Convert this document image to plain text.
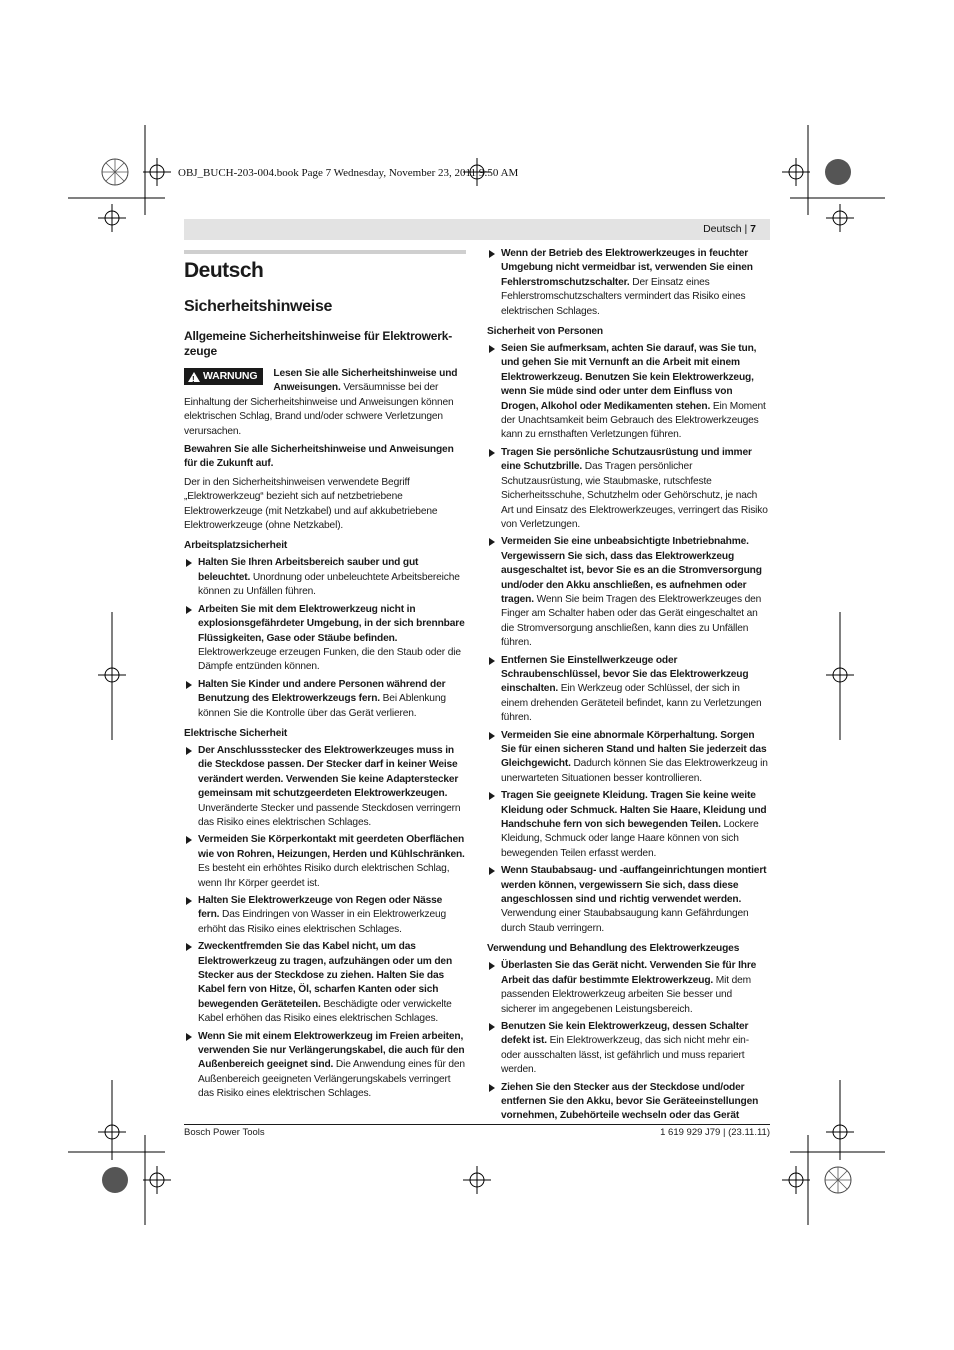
OBJ_BUCH-203-004.book Page 7 Wednesday, November 23, 2011 9:50 AM
Deutsch | 7
Deutsch
Sicherheitshinweise
Allgemeine Sicherheitshinweise für Elektrowerk-zeuge
! WARNUNG Lesen Sie alle Sicherheitshinweise und Anweisungen. Versäumnisse bei der Einhaltung der Sicherheitshinweise und Anweisungen können elektrischen Schlag, Brand und/oder schwere Verletzungen verursachen.

Bewahren Sie alle Sicherheitshinweise und Anweisungen für die Zukunft auf.

Der in den Sicherheitshinweisen verwendete Begriff „Elektrowerkzeug“ bezieht sich auf netzbetriebene Elektrowerkzeuge (mit Netzkabel) und auf akkubetriebene Elektrowerkzeuge (ohne Netzkabel).

Arbeitsplatzsicherheit
Halten Sie Ihren Arbeitsbereich sauber und gut beleuchtet. Unordnung oder unbeleuchtete Arbeitsbereiche können zu Unfällen führen.
Arbeiten Sie mit dem Elektrowerkzeug nicht in explosionsgefährdeter Umgebung, in der sich brennbare Flüssigkeiten, Gase oder Stäube befinden. Elektrowerkzeuge erzeugen Funken, die den Staub oder die Dämpfe entzünden können.
Halten Sie Kinder und andere Personen während der Benutzung des Elektrowerkzeugs fern. Bei Ablenkung können Sie die Kontrolle über das Gerät verlieren.
Elektrische Sicherheit
Der Anschlussstecker des Elektrowerkzeuges muss in die Steckdose passen. Der Stecker darf in keiner Weise verändert werden. Verwenden Sie keine Adapterstecker gemeinsam mit schutzgeerdeten Elektrowerkzeugen. Unveränderte Stecker und passende Steckdosen verringern das Risiko eines elektrischen Schlages.
Vermeiden Sie Körperkontakt mit geerdeten Oberflächen wie von Rohren, Heizungen, Herden und Kühlschränken. Es besteht ein erhöhtes Risiko durch elektrischen Schlag, wenn Ihr Körper geerdet ist.
Halten Sie Elektrowerkzeuge von Regen oder Nässe fern. Das Eindringen von Wasser in ein Elektrowerkzeug erhöht das Risiko eines elektrischen Schlages.
Zweckentfremden Sie das Kabel nicht, um das Elektrowerkzeug zu tragen, aufzuhängen oder um den Stecker aus der Steckdose zu ziehen. Halten Sie das Kabel fern von Hitze, Öl, scharfen Kanten oder sich bewegenden Geräteteilen. Beschädigte oder verwickelte Kabel erhöhen das Risiko eines elektrischen Schlages.
Wenn Sie mit einem Elektrowerkzeug im Freien arbeiten, verwenden Sie nur Verlängerungskabel, die auch für den Außenbereich geeignet sind. Die Anwendung eines für den Außenbereich geeigneten Verlängerungskabels verringert das Risiko eines elektrischen Schlages.
Wenn der Betrieb des Elektrowerkzeuges in feuchter Umgebung nicht vermeidbar ist, verwenden Sie einen Fehlerstromschutzschalter. Der Einsatz eines Fehlerstromschutzschalters vermindert das Risiko eines elektrischen Schlages.
Sicherheit von Personen
Seien Sie aufmerksam, achten Sie darauf, was Sie tun, und gehen Sie mit Vernunft an die Arbeit mit einem Elektrowerkzeug. Benutzen Sie kein Elektrowerkzeug, wenn Sie müde sind oder unter dem Einfluss von Drogen, Alkohol oder Medikamenten stehen. Ein Moment der Unachtsamkeit beim Gebrauch des Elektrowerkzeuges kann zu ernsthaften Verletzungen führen.
Tragen Sie persönliche Schutzausrüstung und immer eine Schutzbrille. Das Tragen persönlicher Schutzausrüstung, wie Staubmaske, rutschfeste Sicherheitsschuhe, Schutzhelm oder Gehörschutz, je nach Art und Einsatz des Elektrowerkzeuges, verringert das Risiko von Verletzungen.
Vermeiden Sie eine unbeabsichtigte Inbetriebnahme. Vergewissern Sie sich, dass das Elektrowerkzeug ausgeschaltet ist, bevor Sie es an die Stromversorgung und/oder den Akku anschließen, es aufnehmen oder tragen. Wenn Sie beim Tragen des Elektrowerkzeuges den Finger am Schalter haben oder das Gerät eingeschaltet an die Stromversorgung anschließen, kann dies zu Unfällen führen.
Entfernen Sie Einstellwerkzeuge oder Schraubenschlüssel, bevor Sie das Elektrowerkzeug einschalten. Ein Werkzeug oder Schlüssel, der sich in einem drehenden Geräteteil befindet, kann zu Verletzungen führen.
Vermeiden Sie eine abnormale Körperhaltung. Sorgen Sie für einen sicheren Stand und halten Sie jederzeit das Gleichgewicht. Dadurch können Sie das Elektrowerkzeug in unerwarteten Situationen besser kontrollieren.
Tragen Sie geeignete Kleidung. Tragen Sie keine weite Kleidung oder Schmuck. Halten Sie Haare, Kleidung und Handschuhe fern von sich bewegenden Teilen. Lockere Kleidung, Schmuck oder lange Haare können von sich bewegenden Teilen erfasst werden.
Wenn Staubabsaug- und -auffangeinrichtungen montiert werden können, vergewissern Sie sich, dass diese angeschlossen sind und richtig verwendet werden. Verwendung einer Staubabsaugung kann Gefährdungen durch Staub verringern.
Verwendung und Behandlung des Elektrowerkzeuges
Überlasten Sie das Gerät nicht. Verwenden Sie für Ihre Arbeit das dafür bestimmte Elektrowerkzeug. Mit dem passenden Elektrowerkzeug arbeiten Sie besser und sicherer im angegebenen Leistungsbereich.
Benutzen Sie kein Elektrowerkzeug, dessen Schalter defekt ist. Ein Elektrowerkzeug, das sich nicht mehr ein- oder ausschalten lässt, ist gefährlich und muss repariert werden.
Ziehen Sie den Stecker aus der Steckdose und/oder entfernen Sie den Akku, bevor Sie Geräteeinstellungen vornehmen, Zubehörteile wechseln oder das Gerät
Bosch Power Tools	1 619 929 J79 | (23.11.11)
